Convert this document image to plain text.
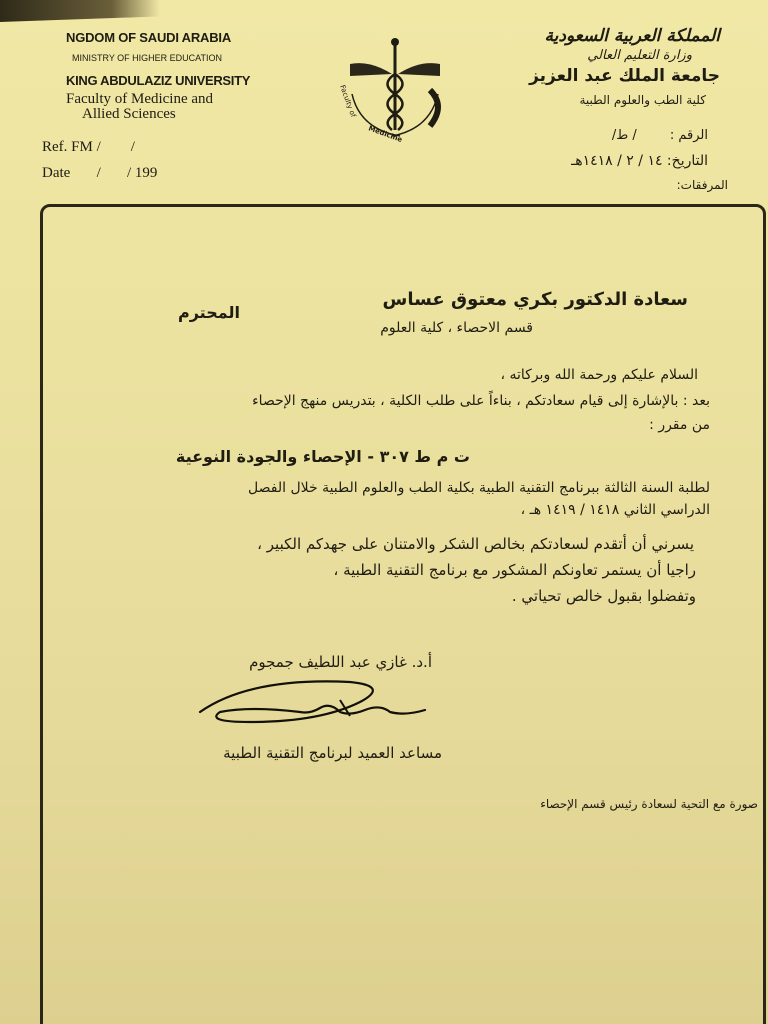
NGDOM OF SAUDI ARABIA
MINISTRY OF HIGHER EDUCATION
KING ABDULAZIZ UNIVERSITY
Faculty of Medicine and
Allied Sciences
Ref. FM /        /
Date       /       / 199
Faculty of
Medicine
المملكة العربية السعودية
وزارة التعليم العالي
جامعة الملك عبد العزيز
كلية الطب والعلوم الطبية
الرقم :        / ط/
التاريخ: ١٤ / ٢ / ١٤١٨هـ
المرفقات:
سعادة الدكتور بكري معتوق عساس
المحترم
قسم الاحصاء ، كلية العلوم
السلام عليكم ورحمة الله وبركاته ،
بعد : بالإشارة إلى قيام سعادتكم ، بناءاً على طلب الكلية ، بتدريس منهج الإحصاء
من مقرر :
ت م ط ٣٠٧ - الإحصاء والجودة النوعية
لطلبة السنة الثالثة ببرنامج التقنية الطبية بكلية الطب والعلوم الطبية خلال الفصل
الدراسي الثاني ١٤١٨ / ١٤١٩ هـ ،
يسرني أن أتقدم لسعادتكم بخالص الشكر والامتنان على جهدكم الكبير ،
راجيا أن يستمر تعاونكم المشكور مع برنامج التقنية الطبية ،
وتفضلوا بقبول خالص تحياتي .
أ.د. غازي عبد اللطيف جمجوم
مساعد العميد لبرنامج التقنية الطبية
صورة مع التحية لسعادة رئيس قسم الإحصاء
